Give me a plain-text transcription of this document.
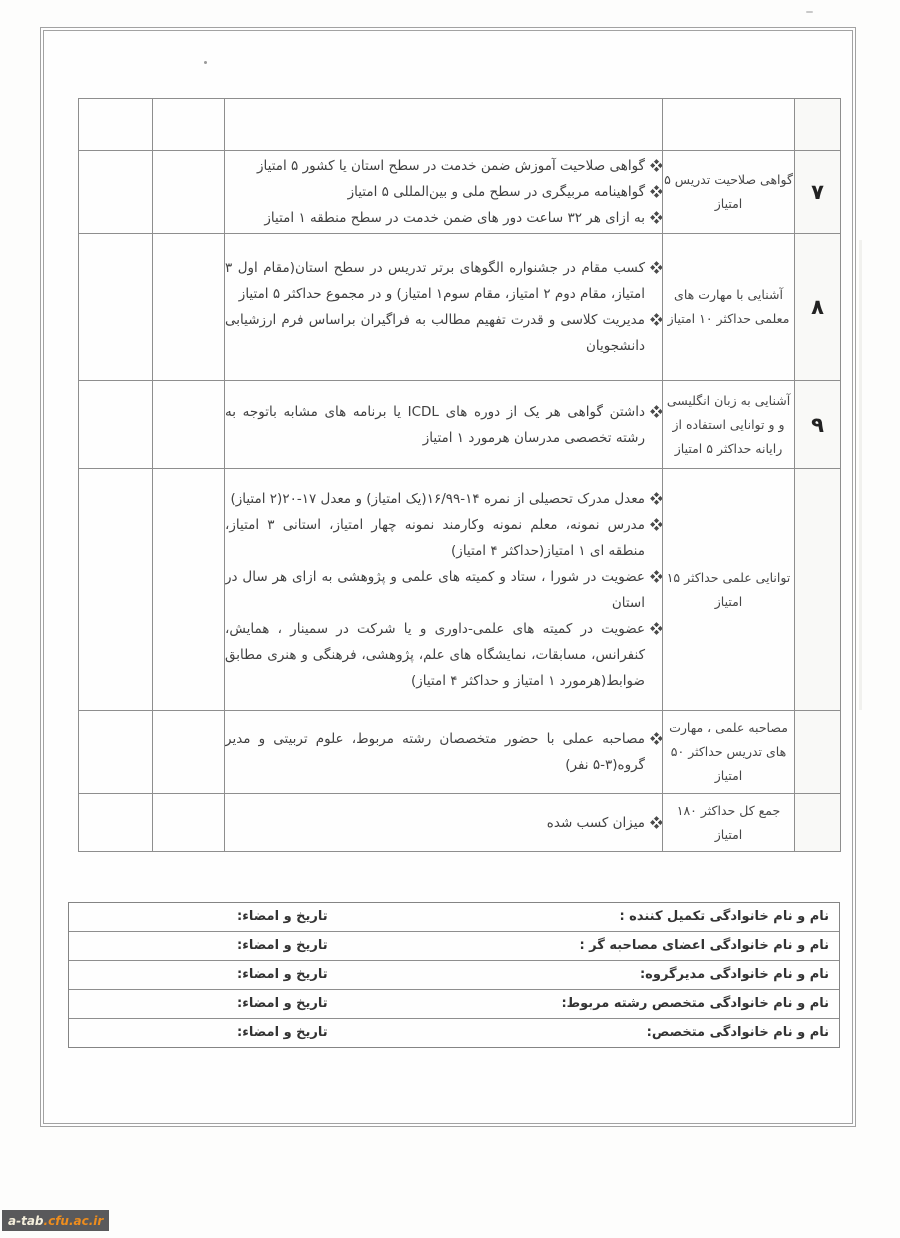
۷	گواهی صلاحیت تدریس ۵ امتیاز	گواهی صلاحیت آموزش ضمن خدمت در سطح استان یا کشور ۵ امتیاز
گواهینامه مربیگری در سطح ملی و بین‌المللی ۵ امتیاز
به ازای هر ۳۲ ساعت دور های ضمن خدمت در سطح منطقه ۱ امتیاز		

۸	آشنایی با مهارت های معلمی حداکثر ۱۰ امتیاز	کسب مقام در جشنواره الگوهای برتر تدریس در سطح استان(مقام اول ۳ امتیاز، مقام دوم ۲ امتیاز، مقام سوم۱ امتیاز) و در مجموع حداکثر ۵ امتیاز
مدیریت کلاسی و قدرت تفهیم مطالب به فراگیران براساس فرم ارزشیابی دانشجویان		

۹	آشنایی به زبان انگلیسی و و توانایی استفاده از رایانه حداکثر ۵ امتیاز	داشتن گواهی هر یک از دوره های ICDL یا برنامه های مشابه باتوجه به رشته تخصصی مدرسان هرمورد ۱ امتیاز		

	توانایی علمی حداکثر ۱۵ امتیاز	معدل مدرک تحصیلی از نمره ۱۴-۱۶/۹۹(یک امتیاز) و معدل ۱۷-۲۰(۲ امتیاز)
مدرس نمونه، معلم نمونه وکارمند نمونه چهار امتیاز، استانی ۳ امتیاز، منطقه ای ۱ امتیاز(حداکثر ۴ امتیاز)
عضویت در شورا ، ستاد و کمیته های علمی و پژوهشی به ازای هر سال در استان
عضویت در کمیته های علمی-داوری و یا شرکت در سمینار ، همایش، کنفرانس، مسابقات، نمایشگاه های علم، پژوهشی، فرهنگی و هنری مطابق ضوابط(هرمورد ۱ امتیاز و حداکثر ۴ امتیاز)		

	مصاحبه علمی ، مهارت های تدریس حداکثر ۵۰ امتیاز	مصاحبه عملی با حضور متخصصان رشته مربوط، علوم تربیتی و مدیر گروه(۳-۵ نفر)		

	جمع کل حداکثر ۱۸۰ امتیاز	میزان کسب شده		

نام و نام خانوادگی تکمیل کننده :
تاریخ و امضاء:
نام و نام خانوادگی اعضای مصاحبه گر :
تاریخ و امضاء:
نام و نام خانوادگی مدیرگروه:
تاریخ و امضاء:
نام و نام خانوادگی متخصص رشته مربوط:
تاریخ و امضاء:
نام و نام خانوادگی متخصص:
تاریخ و امضاء:
a-tab .cfu.ac.ir
